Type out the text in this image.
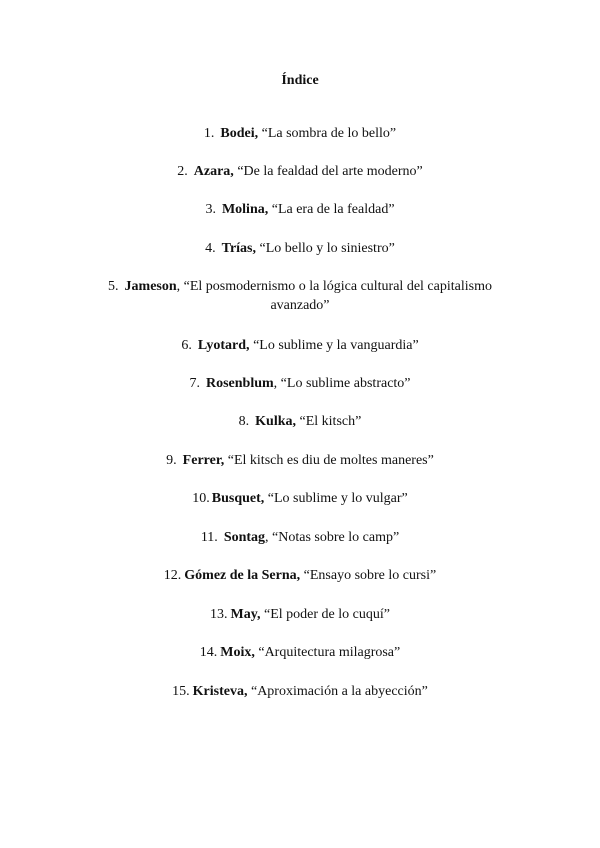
Índice
1. Bodei, “La sombra de lo bello”
2. Azara, “De la fealdad del arte moderno”
3. Molina, “La era de la fealdad”
4. Trías, “Lo bello y lo siniestro”
5. Jameson, “El posmodernismo o la lógica cultural del capitalismo avanzado”
6. Lyotard, “Lo sublime y la vanguardia”
7. Rosenblum, “Lo sublime abstracto”
8. Kulka, “El kitsch”
9. Ferrer, “El kitsch es diu de moltes maneres”
10. Busquet, “Lo sublime y lo vulgar”
11. Sontag, “Notas sobre lo camp”
12. Gómez de la Serna, “Ensayo sobre lo cursi”
13. May, “El poder de lo cuquí”
14. Moix, “Arquitectura milagrosa”
15. Kristeva, “Aproximación a la abyección”
